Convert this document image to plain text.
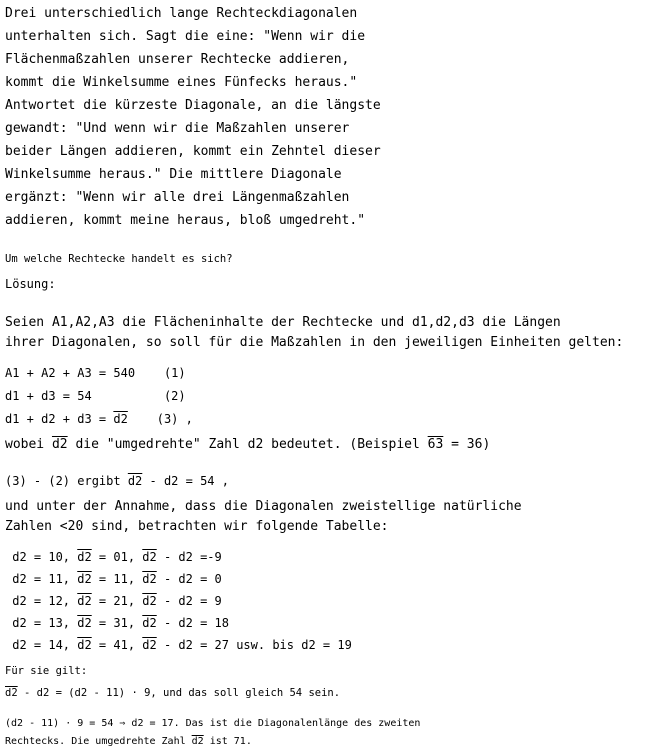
Drei unterschiedlich lange Rechteckdiagonalen
unterhalten sich. Sagt die eine: "Wenn wir die
Flächenmaßzahlen unserer Rechtecke addieren,
kommt die Winkelsumme eines Fünfecks heraus."
Antwortet die kürzeste Diagonale, an die längste
gewandt: "Und wenn wir die Maßzahlen unserer
beider Längen addieren, kommt ein Zehntel dieser
Winkelsumme heraus." Die mittlere Diagonale
ergänzt: "Wenn wir alle drei Längenmaßzahlen
addieren, kommt meine heraus, bloß umgedreht."
Um welche Rechtecke handelt es sich?
Lösung:
Seien A1,A2,A3 die Flächeninhalte der Rechtecke und d1,d2,d3 die Längen
ihrer Diagonalen, so soll für die Maßzahlen in den jeweiligen Einheiten gelten:
A1 + A2 + A3 = 540    (1)
d1 + d3 = 54          (2)
d1 + d2 + d3 = d2    (3) ,
wobei d2 die "umgedrehte" Zahl d2 bedeutet. (Beispiel 63 = 36)
(3) - (2) ergibt d2 - d2 = 54 ,
und unter der Annahme, dass die Diagonalen zweistellige natürliche
Zahlen <20 sind, betrachten wir folgende Tabelle:
d2 = 10, d2 = 01, d2 - d2 =-9
d2 = 11, d2 = 11, d2 - d2 = 0
d2 = 12, d2 = 21, d2 - d2 = 9
d2 = 13, d2 = 31, d2 - d2 = 18
d2 = 14, d2 = 41, d2 - d2 = 27 usw. bis d2 = 19
Für sie gilt:
d2 - d2 = (d2 - 11) · 9, und das soll gleich 54 sein.
(d2 - 11) · 9 = 54 ⇒ d2 = 17. Das ist die Diagonalenlänge des zweiten
Rechtecks. Die umgedrehte Zahl d2 ist 71.
